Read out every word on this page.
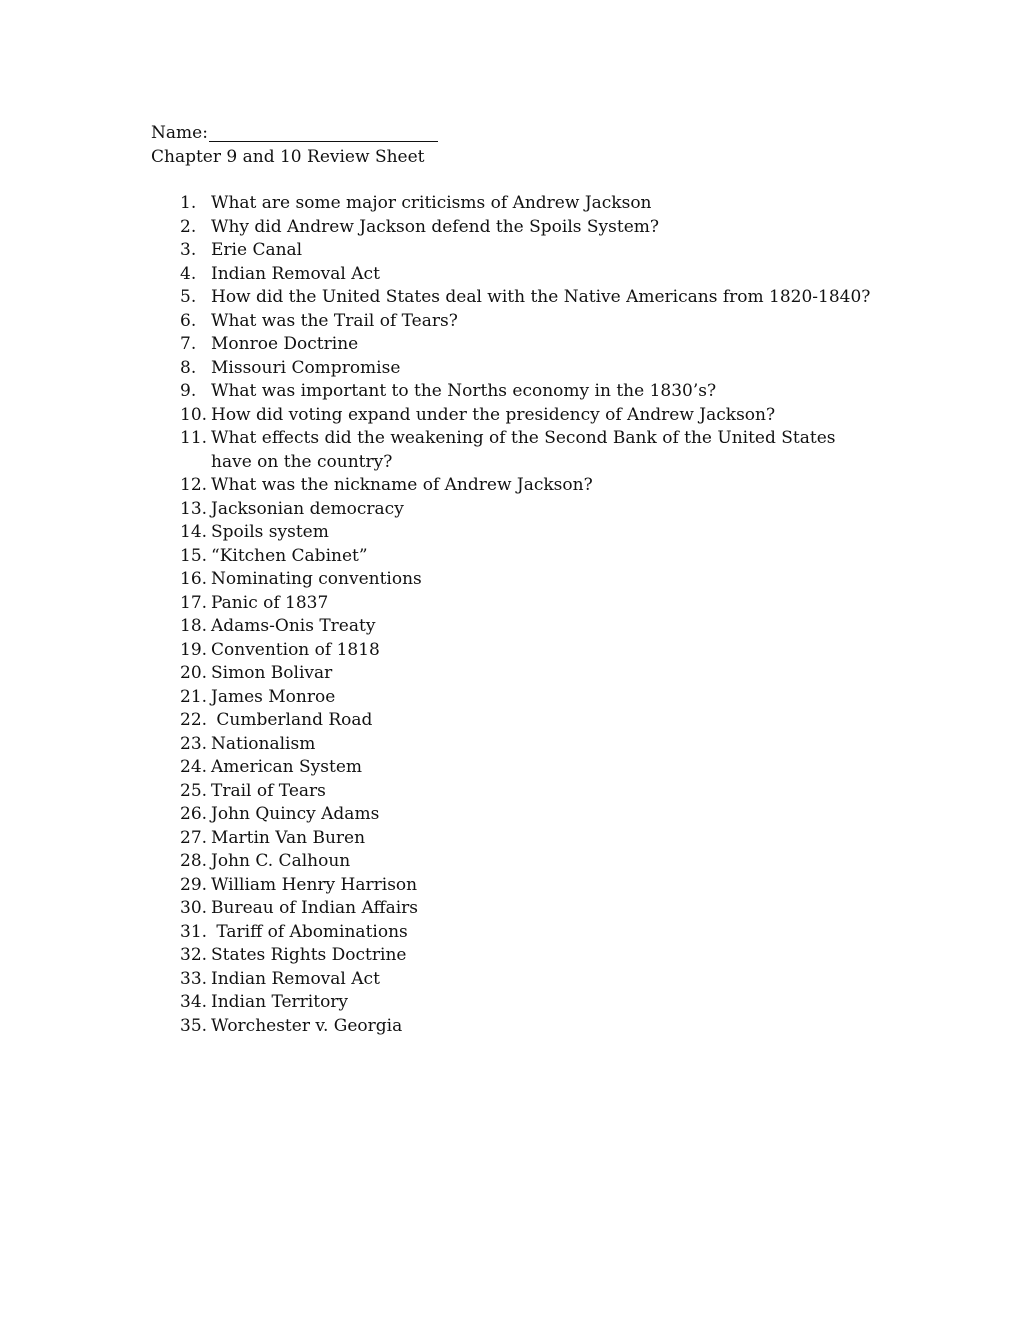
Name:
Chapter 9 and 10 Review Sheet
1. What are some major criticisms of Andrew Jackson
2. Why did Andrew Jackson defend the Spoils System?
3. Erie Canal
4. Indian Removal Act
5. How did the United States deal with the Native Americans from 1820-1840?
6. What was the Trail of Tears?
7. Monroe Doctrine
8. Missouri Compromise
9. What was important to the Norths economy in the 1830’s?
10. How did voting expand under the presidency of Andrew Jackson?
11. What effects did the weakening of the Second Bank of the United States have on the country?
12. What was the nickname of Andrew Jackson?
13. Jacksonian democracy
14. Spoils system
15. “Kitchen Cabinet”
16. Nominating conventions
17. Panic of 1837
18. Adams-Onis Treaty
19. Convention of 1818
20. Simon Bolivar
21. James Monroe
22. Cumberland Road
23. Nationalism
24. American System
25. Trail of Tears
26. John Quincy Adams
27. Martin Van Buren
28. John C. Calhoun
29. William Henry Harrison
30. Bureau of Indian Affairs
31. Tariff of Abominations
32. States Rights Doctrine
33. Indian Removal Act
34. Indian Territory
35. Worchester v. Georgia
